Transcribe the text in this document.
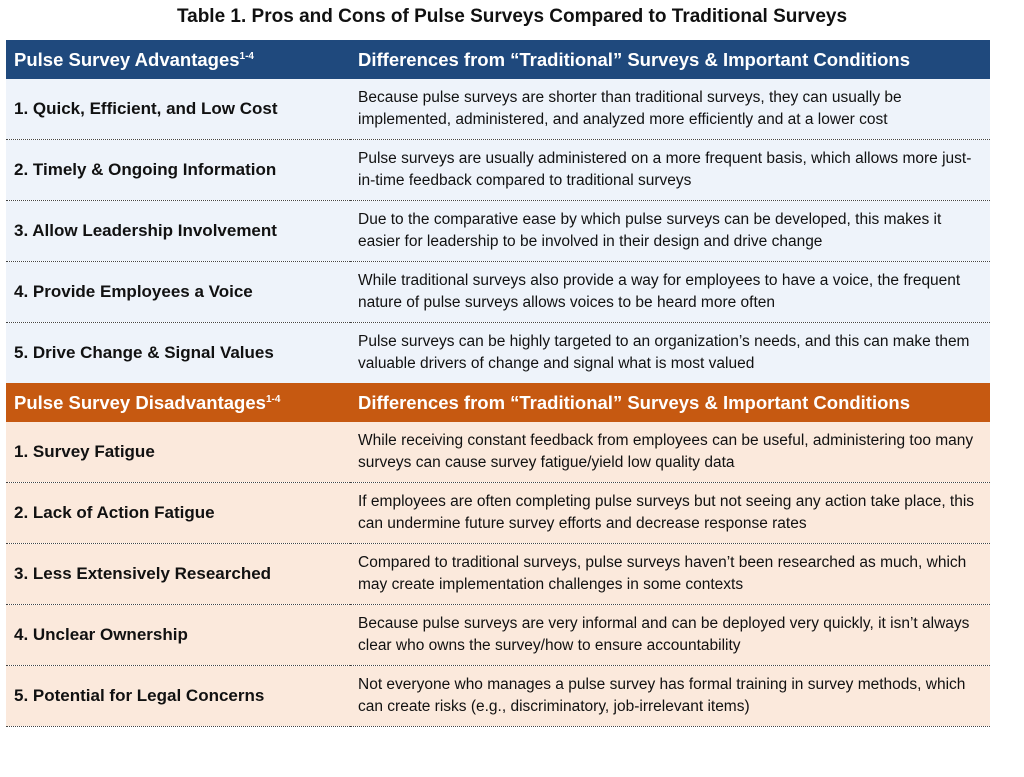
Table 1. Pros and Cons of Pulse Surveys Compared to Traditional Surveys
Pulse Survey Advantages$^{1-4}$	Differences from “Traditional” Surveys & Important Conditions
1. Quick, Efficient, and Low Cost	Because pulse surveys are shorter than traditional surveys, they can usually be implemented, administered, and analyzed more efficiently and at a lower cost
2. Timely & Ongoing Information	Pulse surveys are usually administered on a more frequent basis, which allows more just-in-time feedback compared to traditional surveys
3. Allow Leadership Involvement	Due to the comparative ease by which pulse surveys can be developed, this makes it easier for leadership to be involved in their design and drive change
4. Provide Employees a Voice	While traditional surveys also provide a way for employees to have a voice, the frequent nature of pulse surveys allows voices to be heard more often
5. Drive Change & Signal Values	Pulse surveys can be highly targeted to an organization’s needs, and this can make them valuable drivers of change and signal what is most valued
Pulse Survey Disadvantages$^{1-4}$	Differences from “Traditional” Surveys & Important Conditions
1. Survey Fatigue	While receiving constant feedback from employees can be useful, administering too many surveys can cause survey fatigue/yield low quality data
2. Lack of Action Fatigue	If employees are often completing pulse surveys but not seeing any action take place, this can undermine future survey efforts and decrease response rates
3. Less Extensively Researched	Compared to traditional surveys, pulse surveys haven’t been researched as much, which may create implementation challenges in some contexts
4. Unclear Ownership	Because pulse surveys are very informal and can be deployed very quickly, it isn’t always clear who owns the survey/how to ensure accountability
5. Potential for Legal Concerns	Not everyone who manages a pulse survey has formal training in survey methods, which can create risks (e.g., discriminatory, job-irrelevant items)
